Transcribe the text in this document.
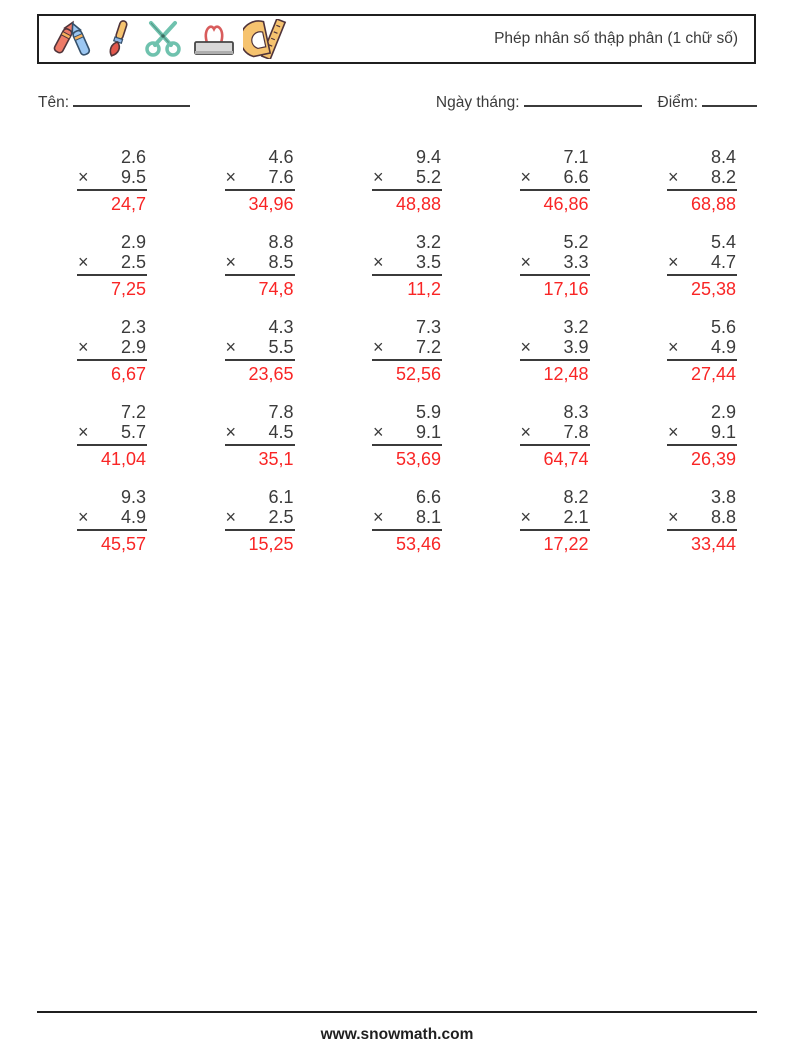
Phép nhân số thập phân (1 chữ số)
Tên:	Ngày tháng:	Điểm:
2.6
× 9.5
24,7
4.6
× 7.6
34,96
9.4
× 5.2
48,88
7.1
× 6.6
46,86
8.4
× 8.2
68,88
2.9
× 2.5
7,25
8.8
× 8.5
74,8
3.2
× 3.5
11,2
5.2
× 3.3
17,16
5.4
× 4.7
25,38
2.3
× 2.9
6,67
4.3
× 5.5
23,65
7.3
× 7.2
52,56
3.2
× 3.9
12,48
5.6
× 4.9
27,44
7.2
× 5.7
41,04
7.8
× 4.5
35,1
5.9
× 9.1
53,69
8.3
× 7.8
64,74
2.9
× 9.1
26,39
9.3
× 4.9
45,57
6.1
× 2.5
15,25
6.6
× 8.1
53,46
8.2
× 2.1
17,22
3.8
× 8.8
33,44
www.snowmath.com
